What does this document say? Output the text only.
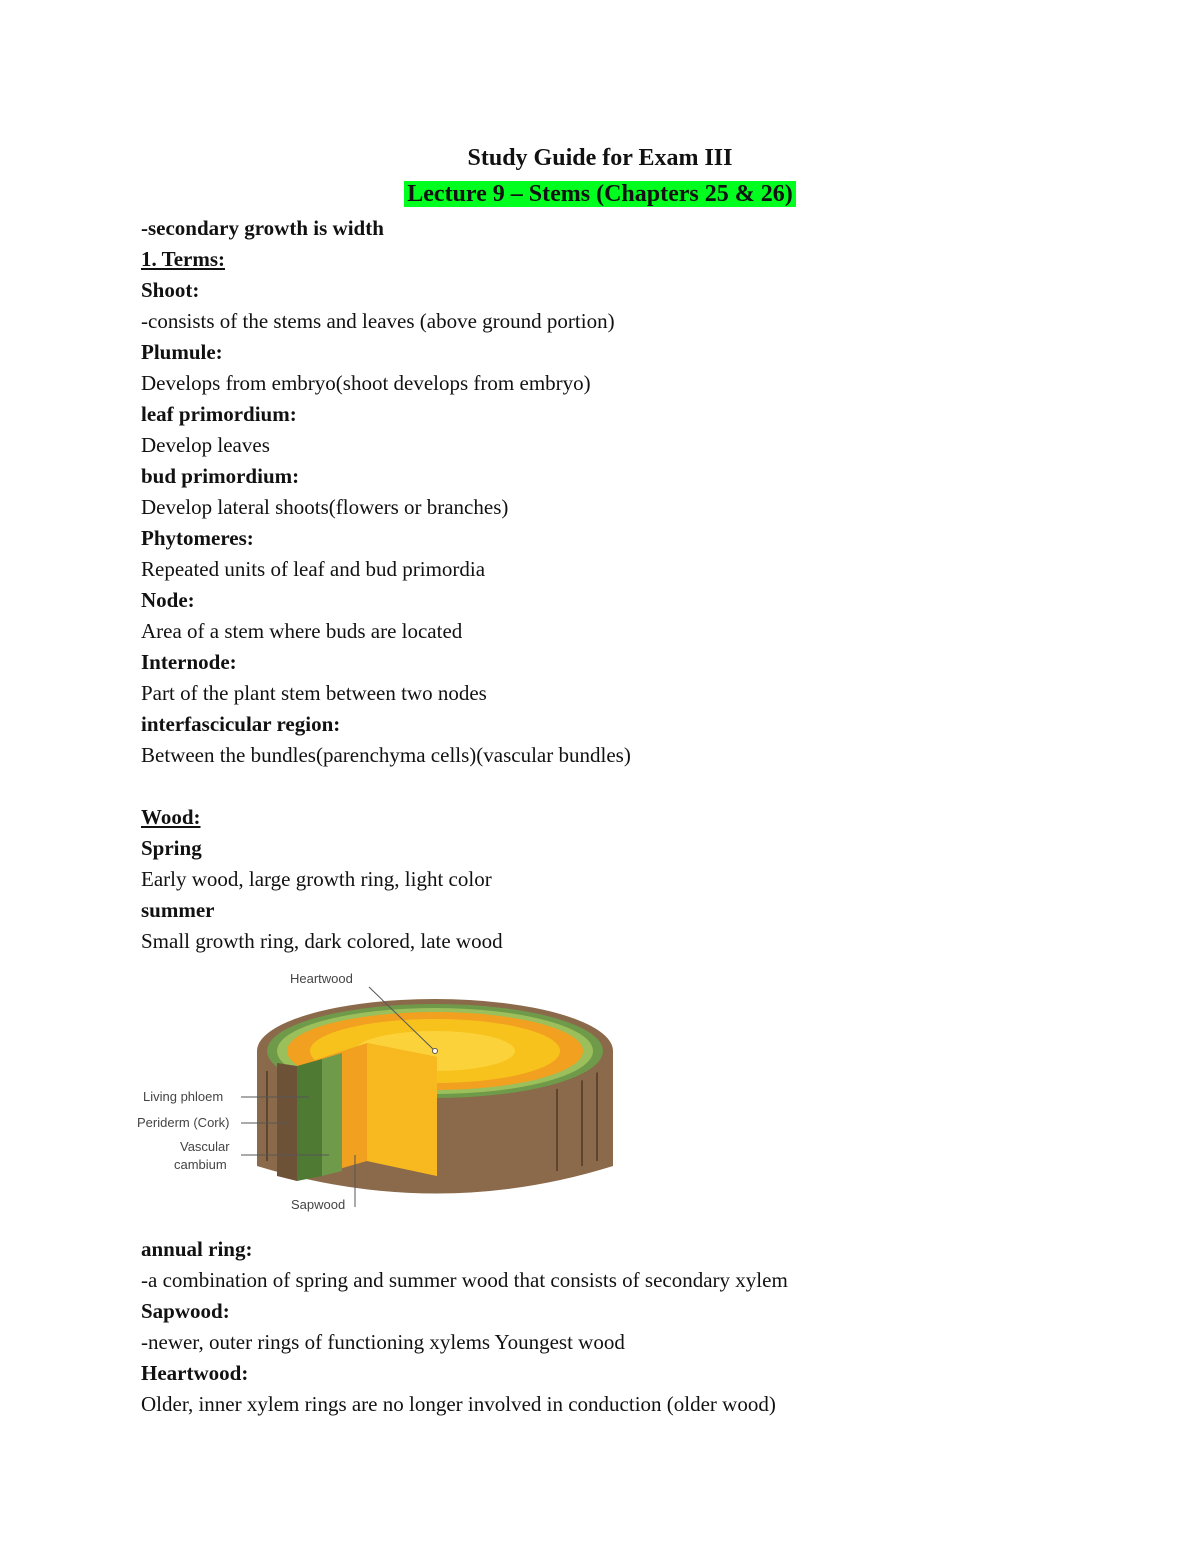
Study Guide for Exam III
Lecture 9 – Stems (Chapters 25 & 26)
-secondary growth is width
1. Terms:
Shoot:
-consists of the stems and leaves (above ground portion)
Plumule:
Develops from embryo(shoot develops from embryo)
leaf primordium:
Develop leaves
bud primordium:
Develop lateral shoots(flowers or branches)
Phytomeres:
Repeated units of leaf and bud primordia
Node:
Area of a stem where buds are located
Internode:
Part of the plant stem between two nodes
interfascicular region:
Between the bundles(parenchyma cells)(vascular bundles)
Wood:
Spring
Early wood, large growth ring, light color
summer
Small growth ring, dark colored, late wood
Heartwood
Living phloem
Periderm (Cork)
Vascular
cambium
Sapwood
annual ring:
-a combination of spring and summer wood that consists of secondary xylem
Sapwood:
-newer, outer rings of functioning xylems Youngest wood
Heartwood:
Older, inner xylem rings are no longer involved in conduction (older wood)
